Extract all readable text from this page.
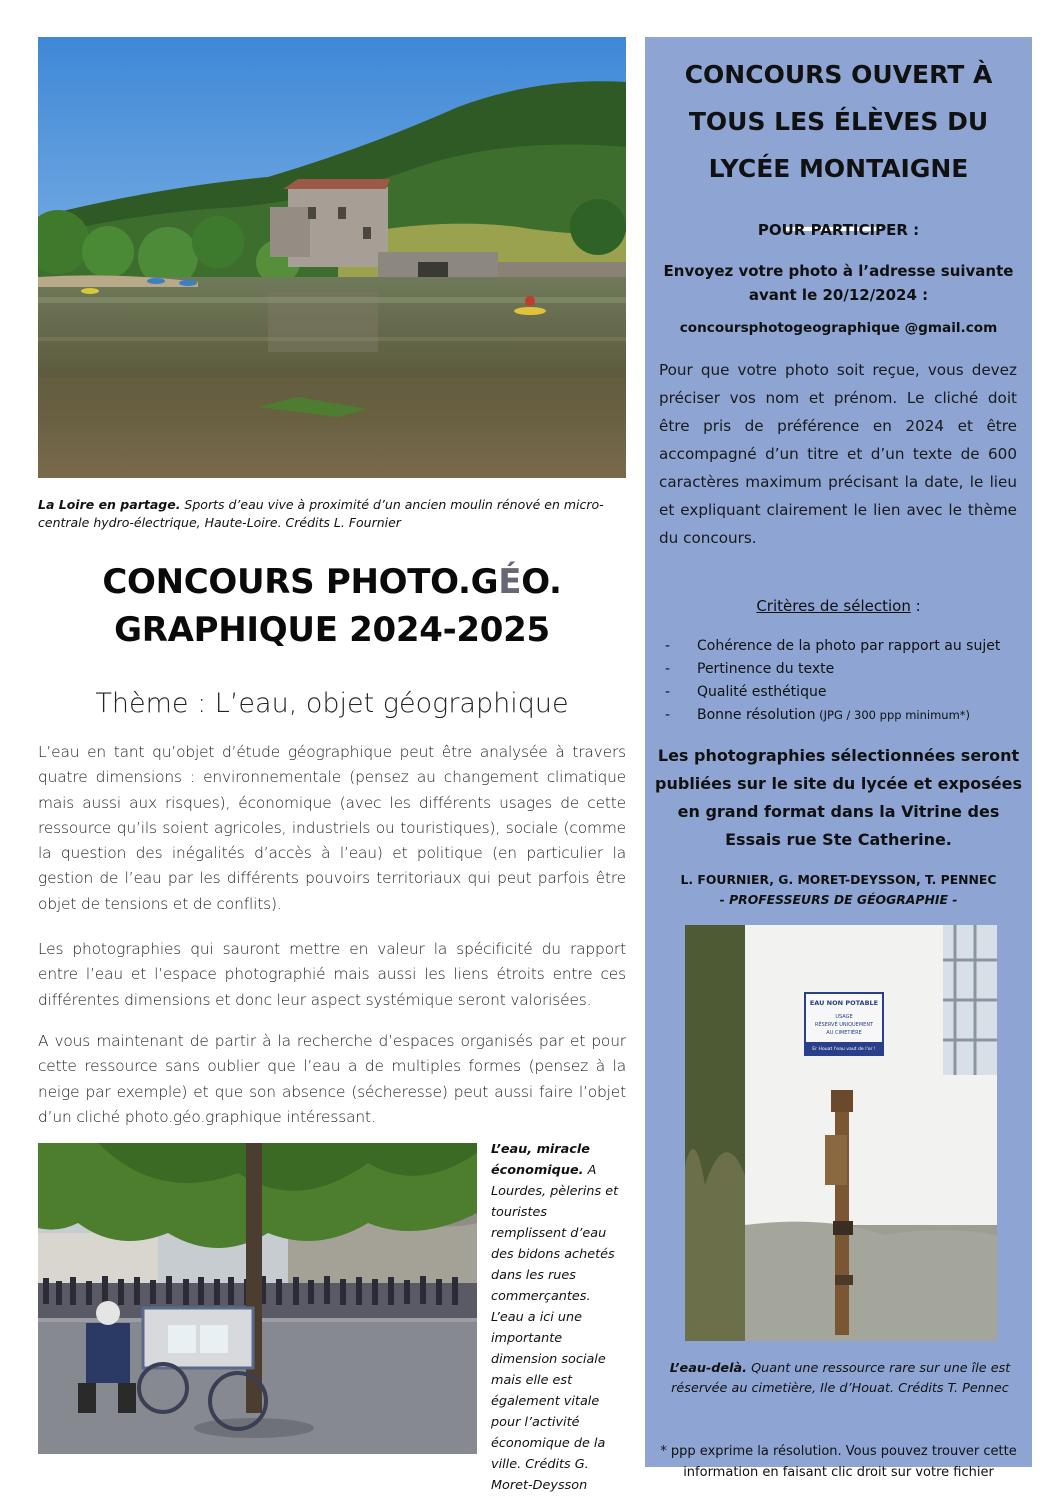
La Loire en partage. Sports d’eau vive à proximité d’un ancien moulin rénové en micro-centrale hydro-électrique, Haute-Loire. Crédits L. Fournier
CONCOURS PHOTO.GÉO.
GRAPHIQUE 2024-2025
Thème : L’eau, objet géographique

L’eau en tant qu’objet d’étude géographique peut être analysée à travers quatre dimensions : environnementale (pensez au changement climatique mais aussi aux risques), économique (avec les différents usages de cette ressource qu’ils soient agricoles, industriels ou touristiques), sociale (comme la question des inégalités d’accès à l’eau) et politique (en particulier la gestion de l’eau par les différents pouvoirs territoriaux qui peut parfois être objet de tensions et de conflits).

Les photographies qui sauront mettre en valeur la spécificité du rapport entre l’eau et l’espace photographié mais aussi les liens étroits entre ces différentes dimensions et donc leur aspect systémique seront valorisées.

A vous maintenant de partir à la recherche d’espaces organisés par et pour cette ressource sans oublier que l’eau a de multiples formes (pensez à la neige par exemple) et que son absence (sécheresse) peut aussi faire l’objet d’un cliché photo.géo.graphique intéressant.

L’eau, miracle économique. A Lourdes, pèlerins et touristes remplissent d’eau des bidons achetés dans les rues commerçantes. L’eau a ici une importante dimension sociale mais elle est également vitale pour l’activité économique de la ville. Crédits G. Moret-Deysson
CONCOURS OUVERT À TOUS LES ÉLÈVES DU LYCÉE MONTAIGNE
POUR PARTICIPER :
Envoyez votre photo à l’adresse suivante
avant le 20/12/2024 :
concoursphotogeographique @gmail.com

Pour que votre photo soit reçue, vous devez préciser vos nom et prénom. Le cliché doit être pris de préférence en 2024 et être accompagné d’un titre et d’un texte de 600 caractères maximum précisant la date, le lieu et expliquant clairement le lien avec le thème du concours.

Critères de sélection :
- Cohérence de la photo par rapport au sujet
- Pertinence du texte
- Qualité esthétique
- Bonne résolution (JPG / 300 ppp minimum*)

Les photographies sélectionnées seront publiées sur le site du lycée et exposées en grand format dans la Vitrine des Essais rue Ste Catherine.

L. FOURNIER, G. MORET-DEYSSON, T. PENNEC
- PROFESSEURS DE GÉOGRAPHIE -

* ppp exprime la résolution. Vous pouvez trouver cette information en faisant clic droit sur votre fichier

EAU NON POTABLE
USAGE
RÉSERVÉ UNIQUEMENT
AU CIMETIÈRE
Er Houat l'eau vaut de l'or !
L’eau-delà. Quant une ressource rare sur une île est réservée au cimetière, Ile d’Houat. Crédits T. Pennec
